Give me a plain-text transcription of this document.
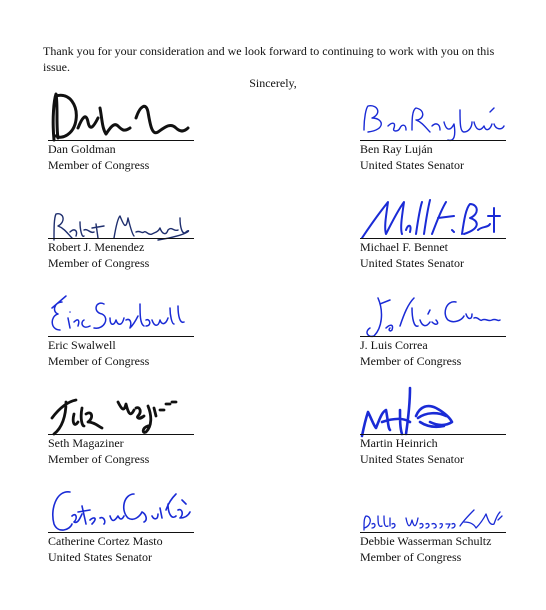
Thank you for your consideration and we look forward to continuing to work with you on this issue.
Sincerely,
Dan Goldman
Member of Congress
Ben Ray Luján
United States Senator
Robert J. Menendez
Member of Congress
Michael F. Bennet
United States Senator
Eric Swalwell
Member of Congress
J. Luis Correa
Member of Congress
Seth Magaziner
Member of Congress
Martin Heinrich
United States Senator
Catherine Cortez Masto
United States Senator
Debbie Wasserman Schultz
Member of Congress
